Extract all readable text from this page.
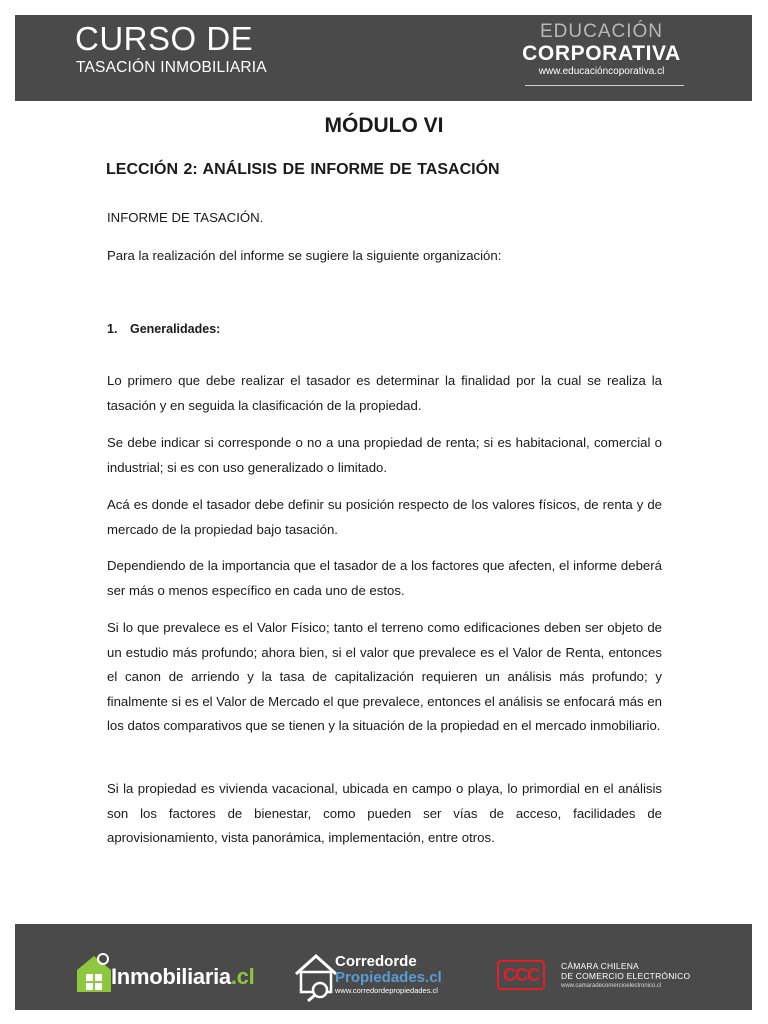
CURSO DE
TASACIÓN INMOBILIARIA
EDUCACIÓN
CORPORATIVA
www.educacióncoporativa.cl
MÓDULO VI
LECCIÓN 2: ANÁLISIS DE INFORME DE TASACIÓN
INFORME DE TASACIÓN.
Para la realización del informe se sugiere la siguiente organización:
1. Generalidades:
Lo primero que debe realizar el tasador es determinar la finalidad por la cual se realiza la tasación y en seguida la clasificación de la propiedad.
Se debe indicar si corresponde o no a una propiedad de renta; si es habitacional, comercial o industrial; si es con uso generalizado o limitado.
Acá es donde el tasador debe definir su posición respecto de los valores físicos, de renta y de mercado de la propiedad bajo tasación.
Dependiendo de la importancia que el tasador de a los factores que afecten, el informe deberá ser más o menos específico en cada uno de estos.
Si lo que prevalece es el Valor Físico; tanto el terreno como edificaciones deben ser objeto de un estudio más profundo; ahora bien, si el valor que prevalece es el Valor de Renta, entonces el canon de arriendo y la tasa de capitalización requieren un análisis más profundo; y finalmente si es el Valor de Mercado el que prevalece, entonces el análisis se enfocará más en los datos comparativos que se tienen y la situación de la propiedad en el mercado inmobiliario.
Si la propiedad es vivienda vacacional, ubicada en campo o playa, lo primordial en el análisis son los factores de bienestar, como pueden ser vías de acceso, facilidades de aprovisionamiento, vista panorámica, implementación, entre otros.
Inmobiliaria.cl
Corredorde
Propiedades.cl
www.corredordepropiedades.cl
CCC	CÁMARA CHILENA
DE COMERCIO ELECTRÓNICO
www.camaradecomercioelectronico.cl
